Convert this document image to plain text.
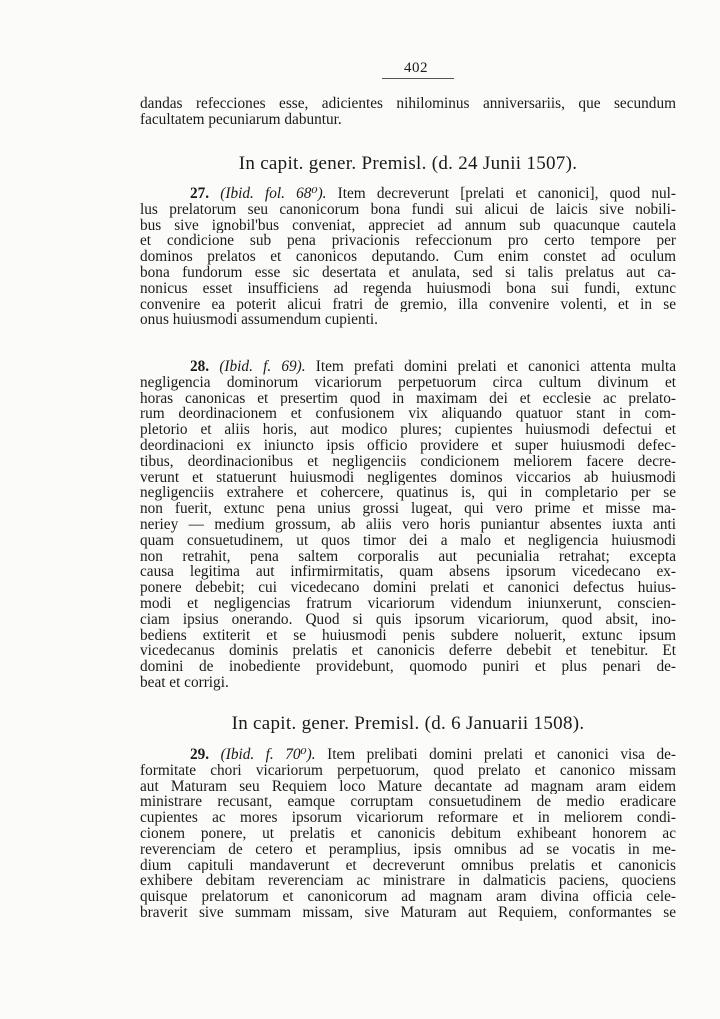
402
dandas refecciones esse, adicientes nihilominus anniversariis, que secundum
facultatem pecuniarum dabuntur.
In capit. gener. Premisl. (d. 24 Junii 1507).
27. (Ibid. fol. 68⁰). Item decreverunt [prelati et canonici], quod nul-
lus prelatorum seu canonicorum bona fundi sui alicui de laicis sive nobili-
bus sive ignobil'bus conveniat, appreciet ad annum sub quacunque cautela
et condicione sub pena privacionis refeccionum pro certo tempore per
dominos prelatos et canonicos deputando. Cum enim constet ad oculum
bona fundorum esse sic desertata et anulata, sed si talis prelatus aut ca-
nonicus esset insufficiens ad regenda huiusmodi bona sui fundi, extunc
convenire ea poterit alicui fratri de gremio, illa convenire volenti, et in se
onus huiusmodi assumendum cupienti.
28. (Ibid. f. 69). Item prefati domini prelati et canonici attenta multa
negligencia dominorum vicariorum perpetuorum circa cultum divinum et
horas canonicas et presertim quod in maximam dei et ecclesie ac prelato-
rum deordinacionem et confusionem vix aliquando quatuor stant in com-
pletorio et aliis horis, aut modico plures; cupientes huiusmodi defectui et
deordinacioni ex iniuncto ipsis officio providere et super huiusmodi defec-
tibus, deordinacionibus et negligenciis condicionem meliorem facere decre-
verunt et statuerunt huiusmodi negligentes dominos viccarios ab huiusmodi
negligenciis extrahere et cohercere, quatinus is, qui in completario per se
non fuerit, extunc pena unius grossi lugeat, qui vero prime et misse ma-
neriey — medium grossum, ab aliis vero horis puniantur absentes iuxta anti
quam consuetudinem, ut quos timor dei a malo et negligencia huiusmodi
non retrahit, pena saltem corporalis aut pecunialia retrahat; excepta
causa legitima aut infirmirmitatis, quam absens ipsorum vicedecano ex-
ponere debebit; cui vicedecano domini prelati et canonici defectus huius-
modi et negligencias fratrum vicariorum videndum iniunxerunt, conscien-
ciam ipsius onerando. Quod si quis ipsorum vicariorum, quod absit, ino-
bediens extiterit et se huiusmodi penis subdere noluerit, extunc ipsum
vicedecanus dominis prelatis et canonicis deferre debebit et tenebitur. Et
domini de inobediente providebunt, quomodo puniri et plus penari de-
beat et corrigi.
In capit. gener. Premisl. (d. 6 Januarii 1508).
29. (Ibid. f. 70⁰). Item prelibati domini prelati et canonici visa de-
formitate chori vicariorum perpetuorum, quod prelato et canonico missam
aut Maturam seu Requiem loco Mature decantate ad magnam aram eidem
ministrare recusant, eamque corruptam consuetudinem de medio eradicare
cupientes ac mores ipsorum vicariorum reformare et in meliorem condi-
cionem ponere, ut prelatis et canonicis debitum exhibeant honorem ac
reverenciam de cetero et peramplius, ipsis omnibus ad se vocatis in me-
dium capituli mandaverunt et decreverunt omnibus prelatis et canonicis
exhibere debitam reverenciam ac ministrare in dalmaticis paciens, quociens
quisque prelatorum et canonicorum ad magnam aram divina officia cele-
braverit sive summam missam, sive Maturam aut Requiem, conformantes se
